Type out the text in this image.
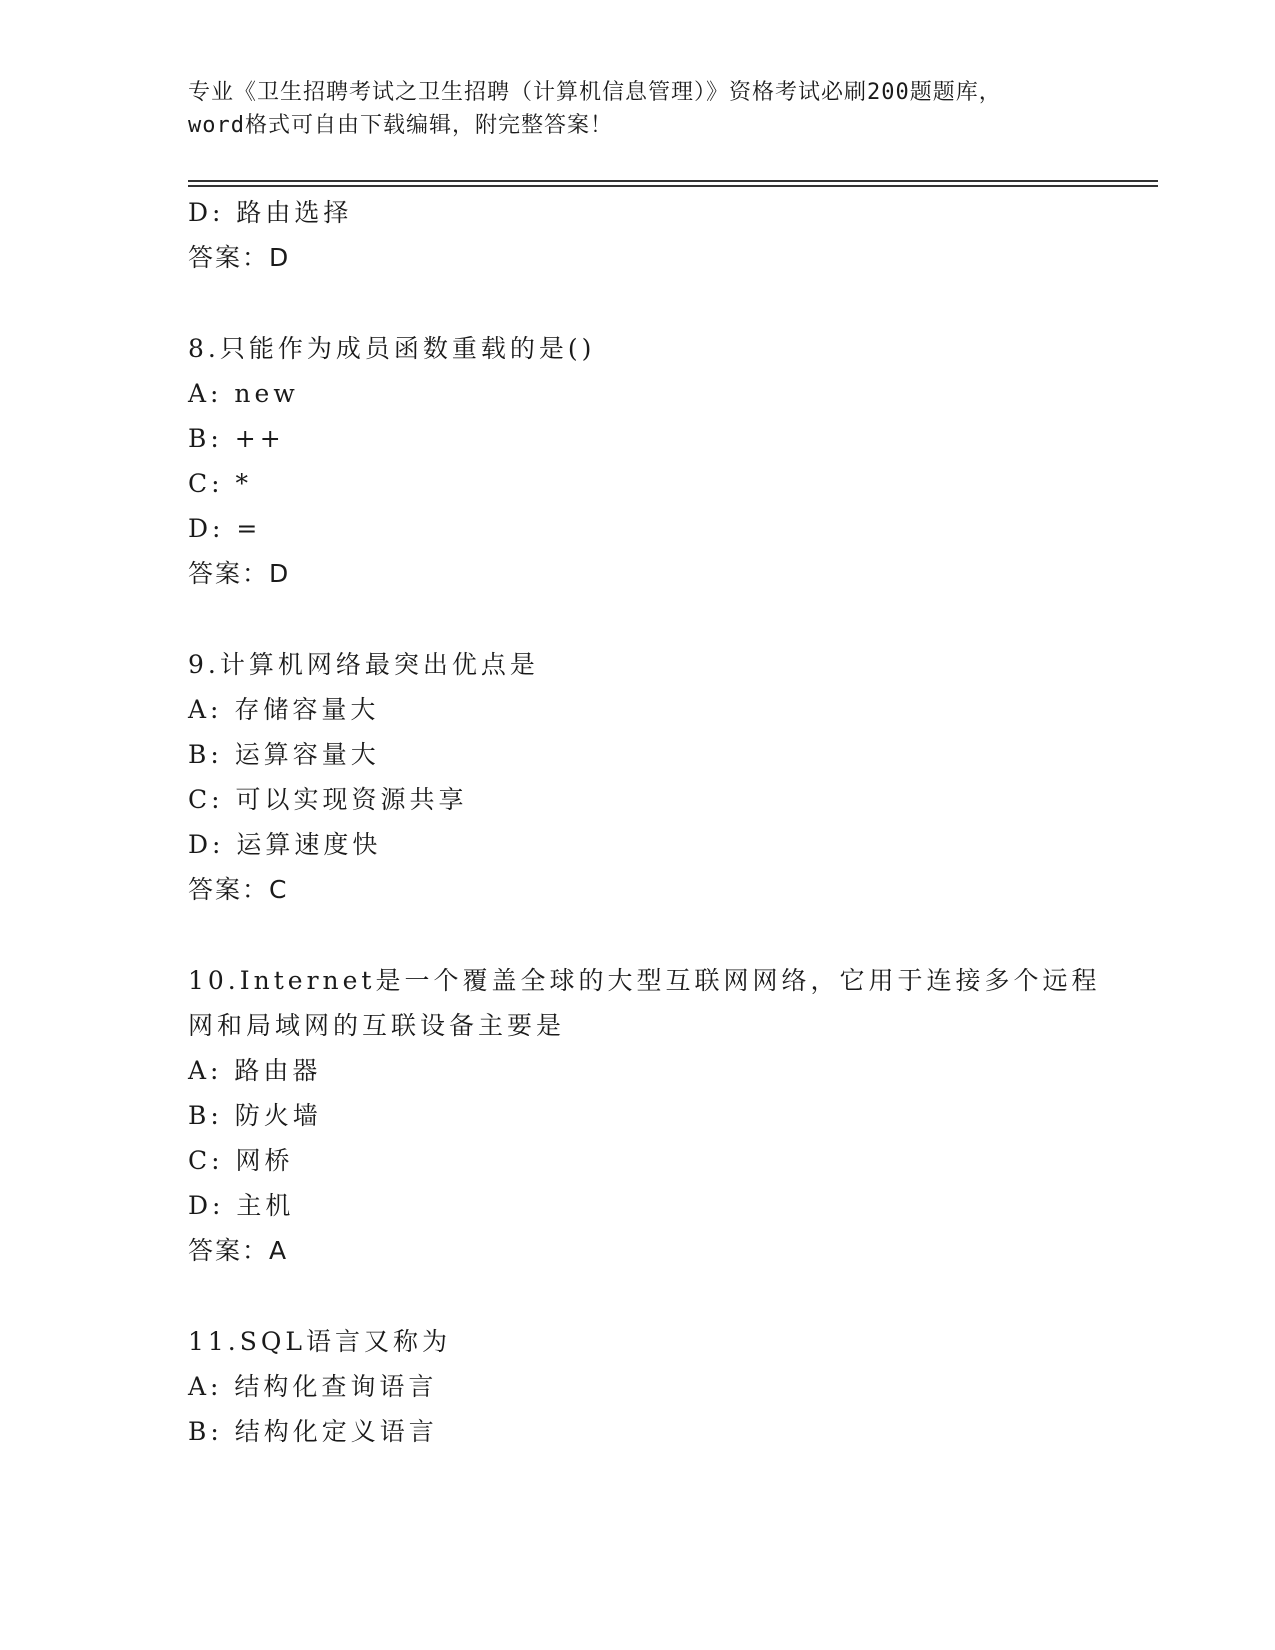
专业《卫生招聘考试之卫生招聘（计算机信息管理）》资格考试必刷200题题库，
word格式可自由下载编辑，附完整答案！
D: 路由选择
答案：D
8.只能作为成员函数重载的是()
A: new
B: ++
C: *
D: =
答案：D
9.计算机网络最突出优点是
A: 存储容量大
B: 运算容量大
C: 可以实现资源共享
D: 运算速度快
答案：C
10.Internet是一个覆盖全球的大型互联网网络，它用于连接多个远程
网和局域网的互联设备主要是
A: 路由器
B: 防火墙
C: 网桥
D: 主机
答案：A
11.SQL语言又称为
A: 结构化查询语言
B: 结构化定义语言
